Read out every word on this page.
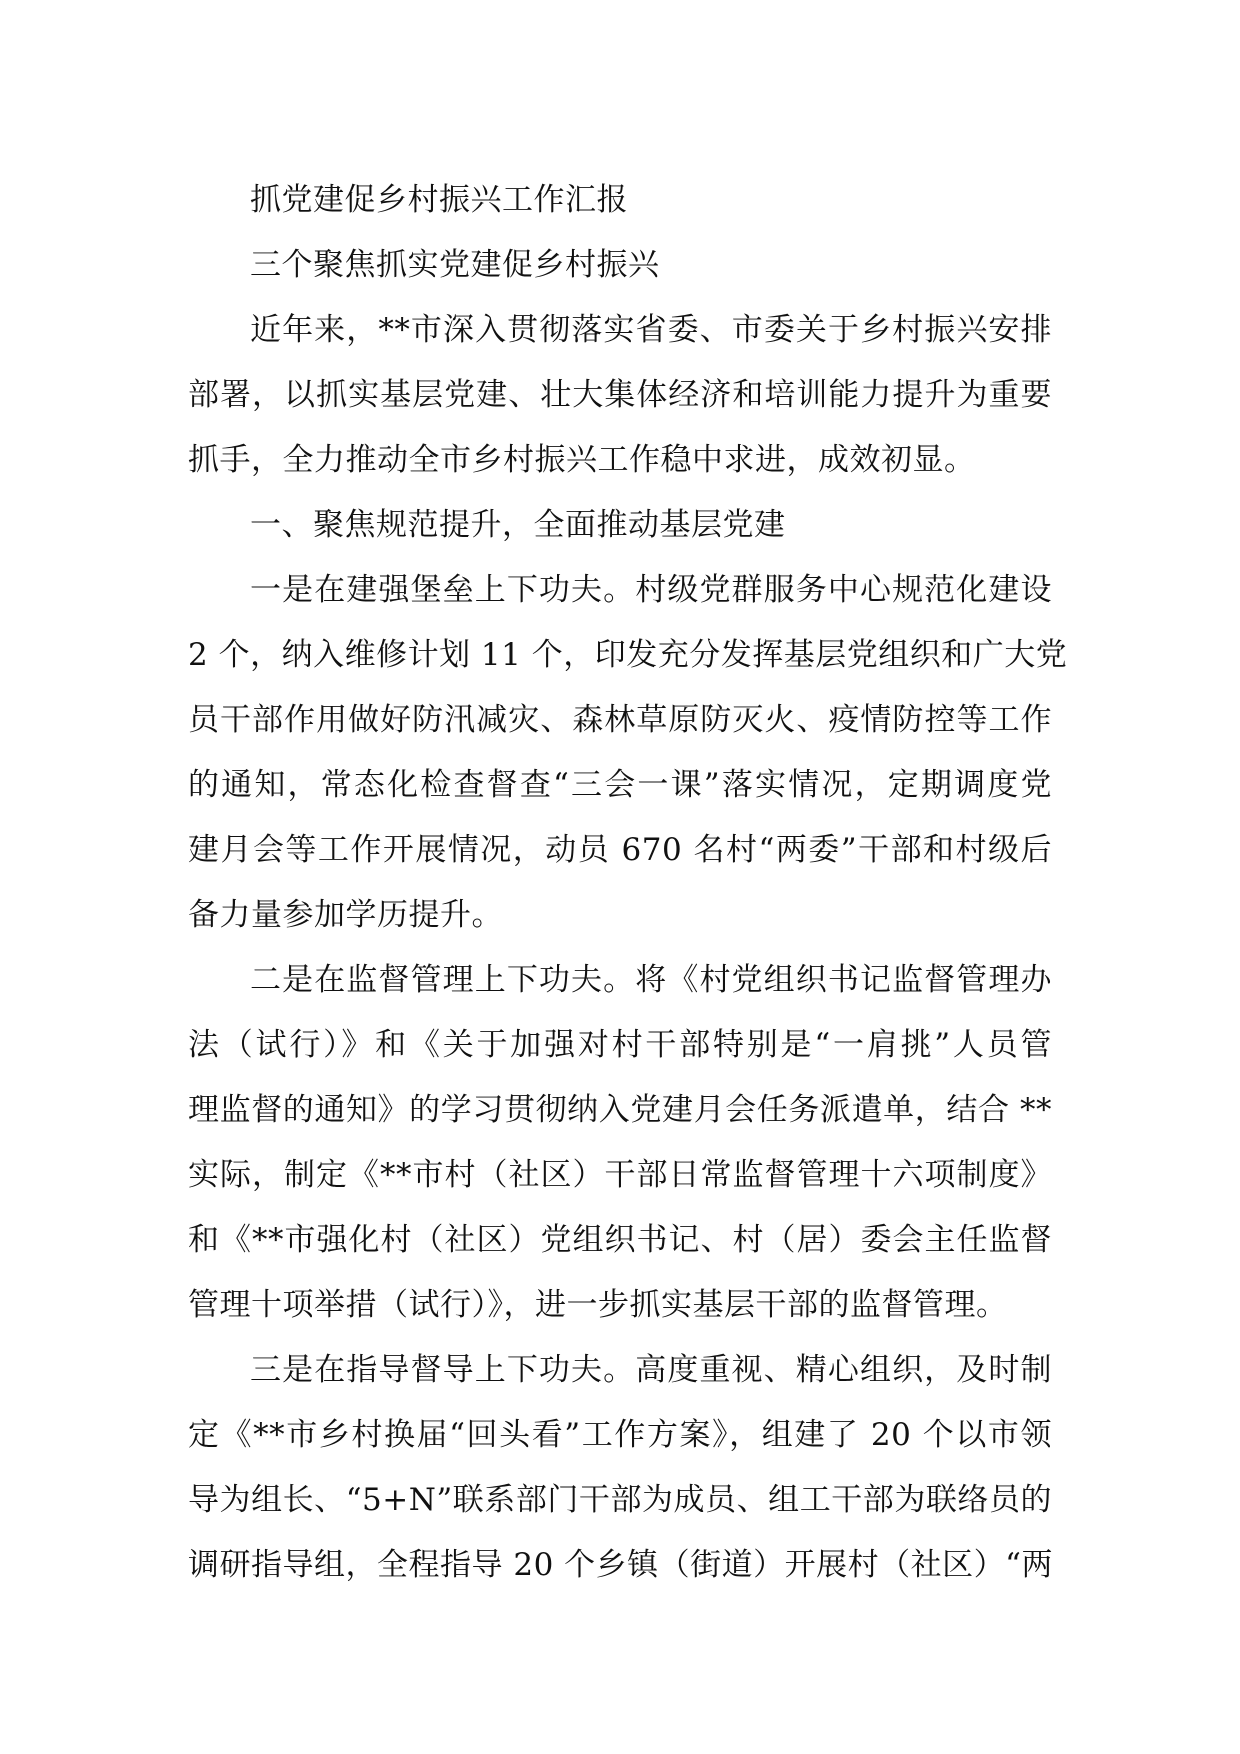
抓党建促乡村振兴工作汇报
三个聚焦抓实党建促乡村振兴
近年来，**市深入贯彻落实省委、市委关于乡村振兴安排
部署，以抓实基层党建、壮大集体经济和培训能力提升为重要
抓手，全力推动全市乡村振兴工作稳中求进，成效初显。
一、聚焦规范提升，全面推动基层党建
一是在建强堡垒上下功夫。村级党群服务中心规范化建设
2 个，纳入维修计划 11 个，印发充分发挥基层党组织和广大党
员干部作用做好防汛减灾、森林草原防灭火、疫情防控等工作
的通知，常态化检查督查“三会一课”落实情况，定期调度党
建月会等工作开展情况，动员 670 名村“两委”干部和村级后
备力量参加学历提升。
二是在监督管理上下功夫。将《村党组织书记监督管理办
法（试行）》和《关于加强对村干部特别是“一肩挑”人员管
理监督的通知》的学习贯彻纳入党建月会任务派遣单，结合 **
实际，制定《**市村（社区）干部日常监督管理十六项制度》
和《**市强化村（社区）党组织书记、村（居）委会主任监督
管理十项举措（试行）》，进一步抓实基层干部的监督管理。
三是在指导督导上下功夫。高度重视、精心组织，及时制
定《**市乡村换届“回头看”工作方案》，组建了 20 个以市领
导为组长、“5+N”联系部门干部为成员、组工干部为联络员的
调研指导组，全程指导 20 个乡镇（街道）开展村（社区）“两
